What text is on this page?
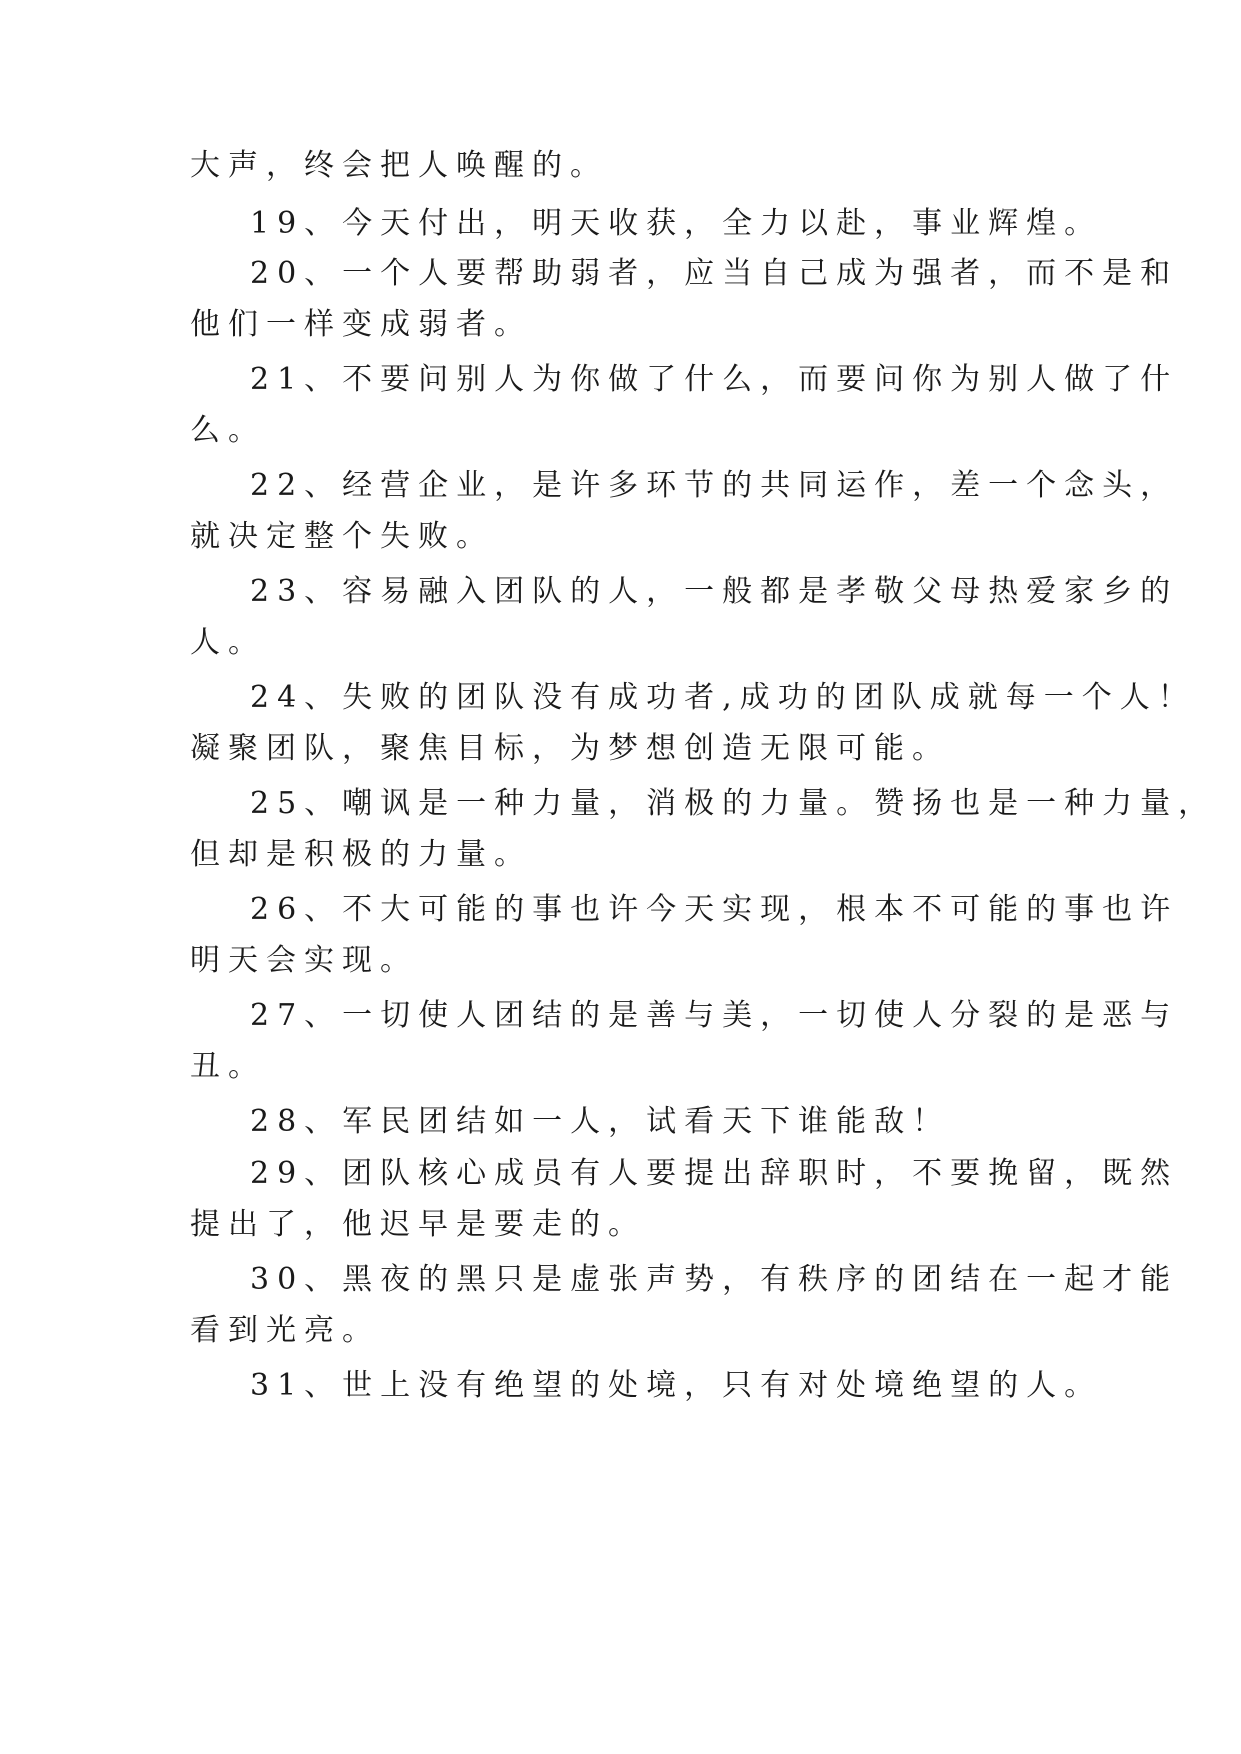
大声，终会把人唤醒的。
19、今天付出，明天收获，全力以赴，事业辉煌。
20、一个人要帮助弱者，应当自己成为强者，而不是和
他们一样变成弱者。
21、不要问别人为你做了什么，而要问你为别人做了什
么。
22、经营企业，是许多环节的共同运作，差一个念头，
就决定整个失败。
23、容易融入团队的人，一般都是孝敬父母热爱家乡的
人。
24、失败的团队没有成功者,成功的团队成就每一个人！
凝聚团队，聚焦目标，为梦想创造无限可能。
25、嘲讽是一种力量，消极的力量。赞扬也是一种力量，
但却是积极的力量。
26、不大可能的事也许今天实现，根本不可能的事也许
明天会实现。
27、一切使人团结的是善与美，一切使人分裂的是恶与
丑。
28、军民团结如一人，试看天下谁能敌！
29、团队核心成员有人要提出辞职时，不要挽留，既然
提出了，他迟早是要走的。
30、黑夜的黑只是虚张声势，有秩序的团结在一起才能
看到光亮。
31、世上没有绝望的处境，只有对处境绝望的人。
